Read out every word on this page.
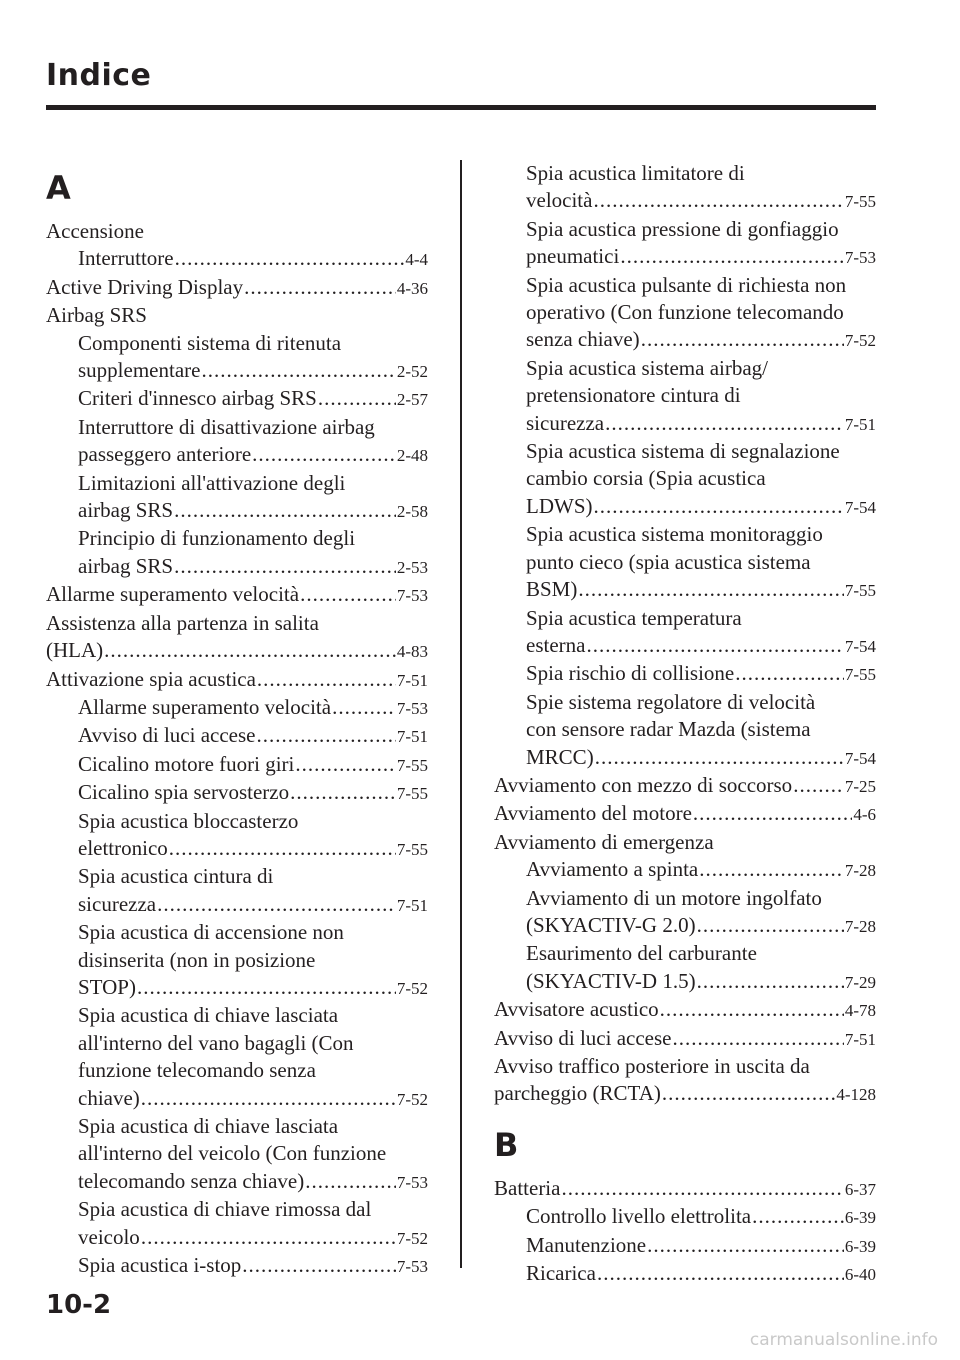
Indice
A
Accensione
Interruttore .....	4-4
Active Driving Display .....	4-36
Airbag SRS
Componenti sistema di ritenuta
supplementare .....	2-52
Criteri d'innesco airbag SRS .....	2-57
Interruttore di disattivazione airbag
passeggero anteriore .....	2-48
Limitazioni all'attivazione degli
airbag SRS .....	2-58
Principio di funzionamento degli
airbag SRS .....	2-53
Allarme superamento velocità .....	7-53
Assistenza alla partenza in salita
(HLA) .....	4-83
Attivazione spia acustica .....	7-51
Allarme superamento velocità .....	7-53
Avviso di luci accese .....	7-51
Cicalino motore fuori giri .....	7-55
Cicalino spia servosterzo .....	7-55
Spia acustica bloccasterzo
elettronico .....	7-55
Spia acustica cintura di
sicurezza .....	7-51
Spia acustica di accensione non
disinserita (non in posizione
STOP) .....	7-52
Spia acustica di chiave lasciata
all'interno del vano bagagli (Con
funzione telecomando senza
chiave) .....	7-52
Spia acustica di chiave lasciata
all'interno del veicolo (Con funzione
telecomando senza chiave) .....	7-53
Spia acustica di chiave rimossa dal
veicolo .....	7-52
Spia acustica i-stop .....	7-53
Spia acustica limitatore di
velocità .....	7-55
Spia acustica pressione di gonfiaggio
pneumatici .....	7-53
Spia acustica pulsante di richiesta non
operativo (Con funzione telecomando
senza chiave) .....	7-52
Spia acustica sistema airbag/
pretensionatore cintura di
sicurezza .....	7-51
Spia acustica sistema di segnalazione
cambio corsia (Spia acustica
LDWS) .....	7-54
Spia acustica sistema monitoraggio
punto cieco (spia acustica sistema
BSM) .....	7-55
Spia acustica temperatura
esterna .....	7-54
Spia rischio di collisione .....	7-55
Spie sistema regolatore di velocità
con sensore radar Mazda (sistema
MRCC) .....	7-54
Avviamento con mezzo di soccorso .....	7-25
Avviamento del motore .....	4-6
Avviamento di emergenza
Avviamento a spinta .....	7-28
Avviamento di un motore ingolfato
(SKYACTIV-G 2.0) .....	7-28
Esaurimento del carburante
(SKYACTIV-D 1.5) .....	7-29
Avvisatore acustico .....	4-78
Avviso di luci accese .....	7-51
Avviso traffico posteriore in uscita da
parcheggio (RCTA) .....	4-128
B
Batteria .....	6-37
Controllo livello elettrolita .....	6-39
Manutenzione .....	6-39
Ricarica .....	6-40
10-2
carmanualsonline.info
